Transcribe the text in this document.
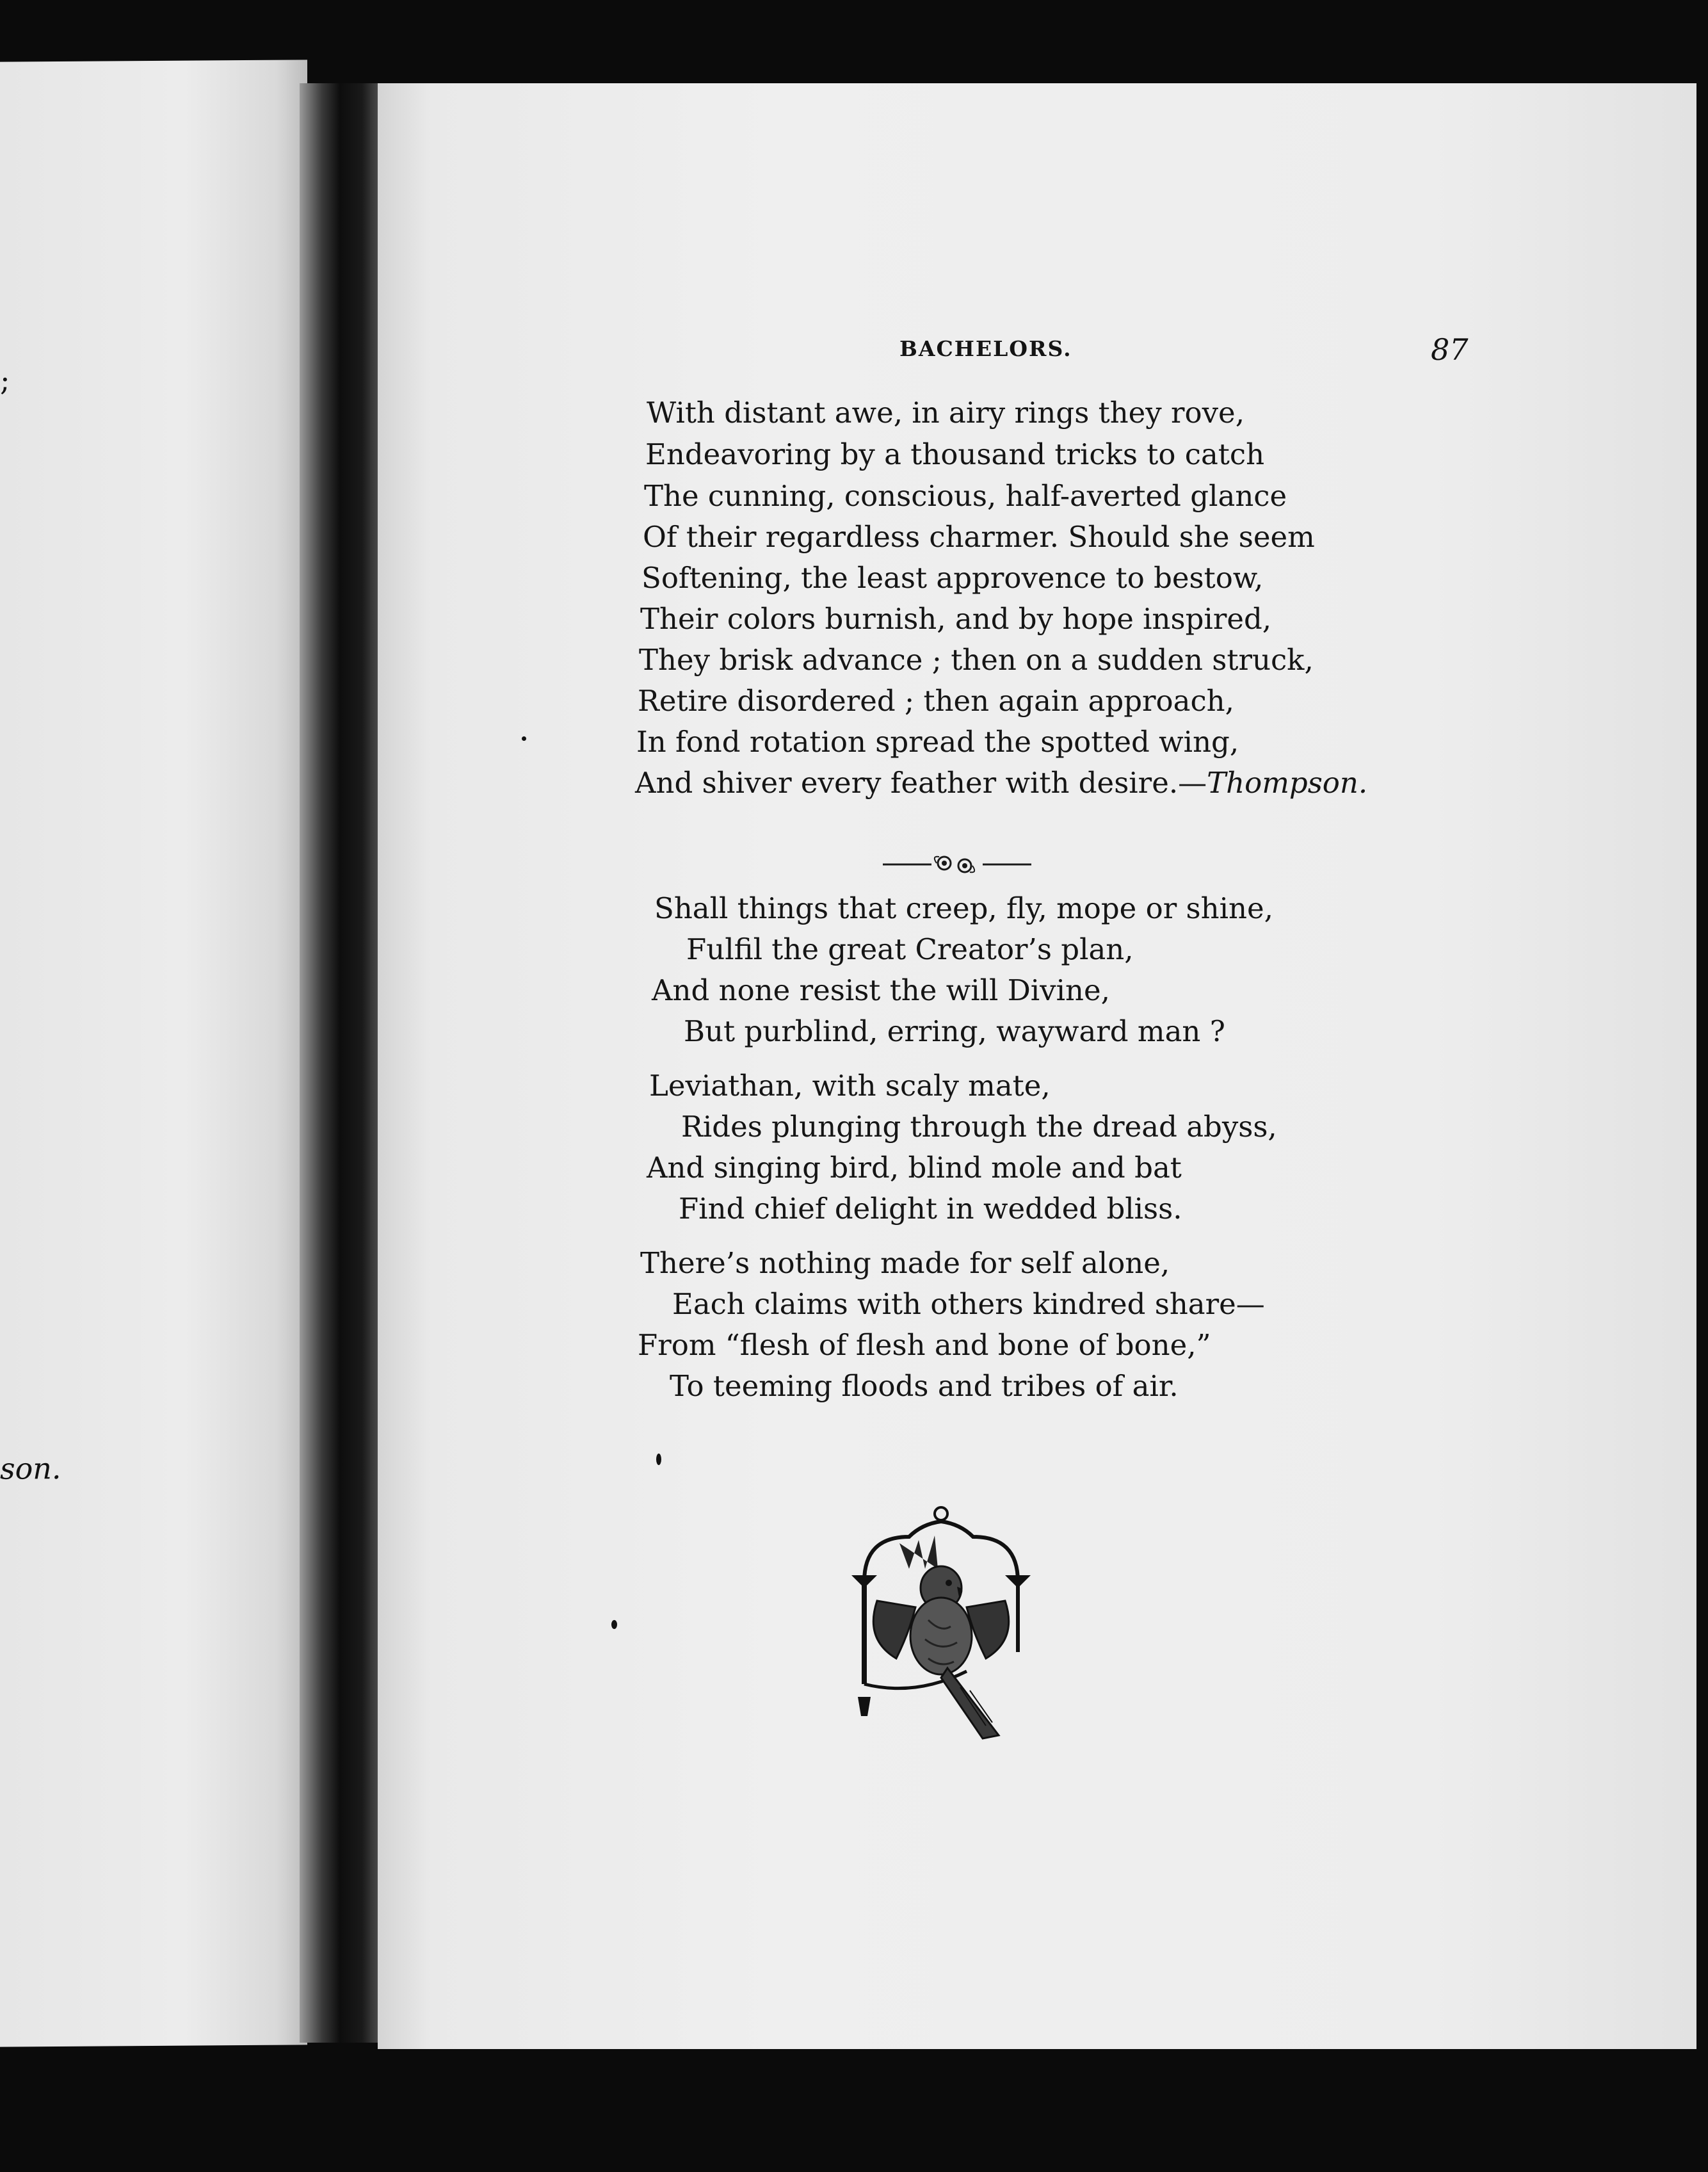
;
son.
BACHELORS.	87
With distant awe, in airy rings they rove,
Endeavoring by a thousand tricks to catch
The cunning, conscious, half-averted glance
Of their regardless charmer. Should she seem
Softening, the least approvence to bestow,
Their colors burnish, and by hope inspired,
They brisk advance ; then on a sudden struck,
Retire disordered ; then again approach,
In fond rotation spread the spotted wing,
And shiver every feather with desire.—Thompson.
Shall things that creep, fly, mope or shine,
Fulfil the great Creator’s plan,
And none resist the will Divine,
But purblind, erring, wayward man ?
Leviathan, with scaly mate,
Rides plunging through the dread abyss,
And singing bird, blind mole and bat
Find chief delight in wedded bliss.
There’s nothing made for self alone,
Each claims with others kindred share—
From “flesh of flesh and bone of bone,”
To teeming floods and tribes of air.
